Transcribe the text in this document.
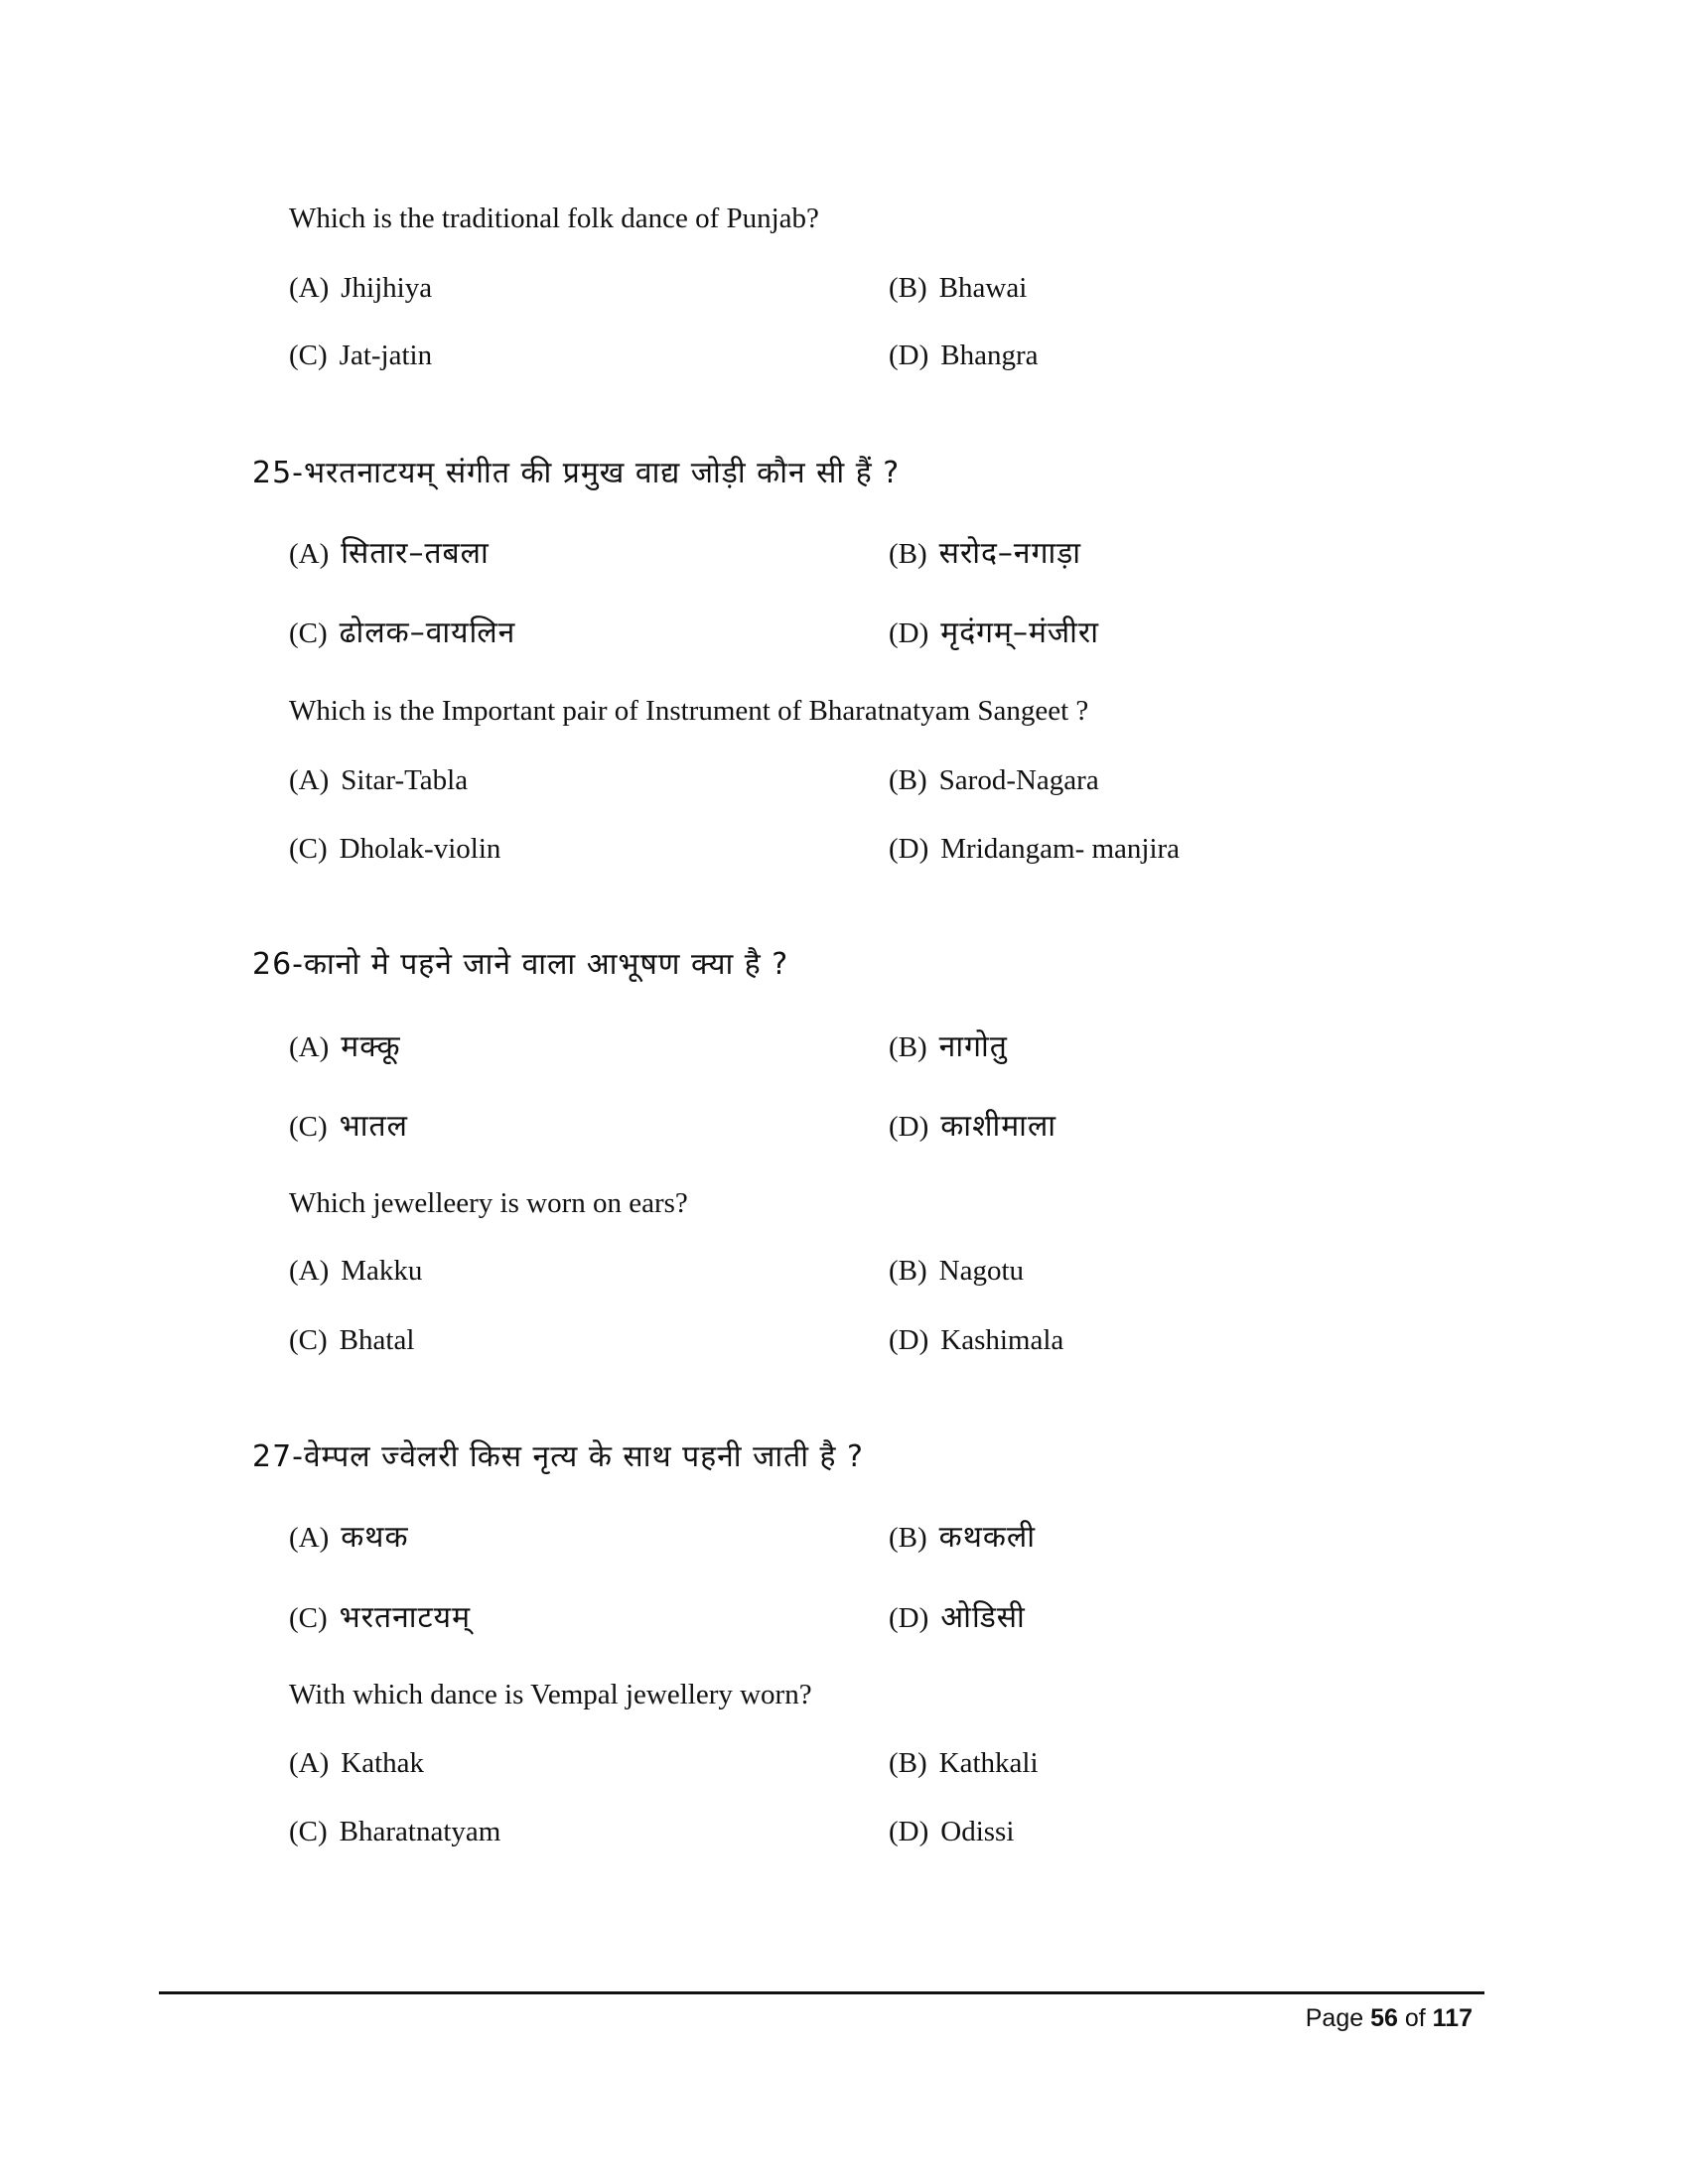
Which is the traditional folk dance of Punjab?
(A) Jhijhiya	(B) Bhawai
(C) Jat-jatin	(D) Bhangra
25-भरतनाटयम् संगीत की प्रमुख वाद्य जोड़ी कौन सी हैं ?
(A) सितार–तबला	(B) सरोद–नगाड़ा
(C) ढोलक–वायलिन	(D) मृदंगम्–मंजीरा
Which is the Important pair of Instrument of Bharatnatyam Sangeet ?
(A) Sitar-Tabla	(B) Sarod-Nagara
(C) Dholak-violin	(D) Mridangam- manjira
26-कानो मे पहने जाने वाला आभूषण क्या है ?
(A) मक्कू	(B) नागोतु
(C) भातल	(D) काशीमाला
Which jewelleery is worn on ears?
(A) Makku	(B) Nagotu
(C) Bhatal	(D) Kashimala
27-वेम्पल ज्वेलरी किस नृत्य के साथ पहनी जाती है ?
(A) कथक	(B) कथकली
(C) भरतनाटयम्	(D) ओडिसी
With which dance is Vempal jewellery worn?
(A) Kathak	(B) Kathkali
(C) Bharatnatyam	(D) Odissi
Page 56 of 117
